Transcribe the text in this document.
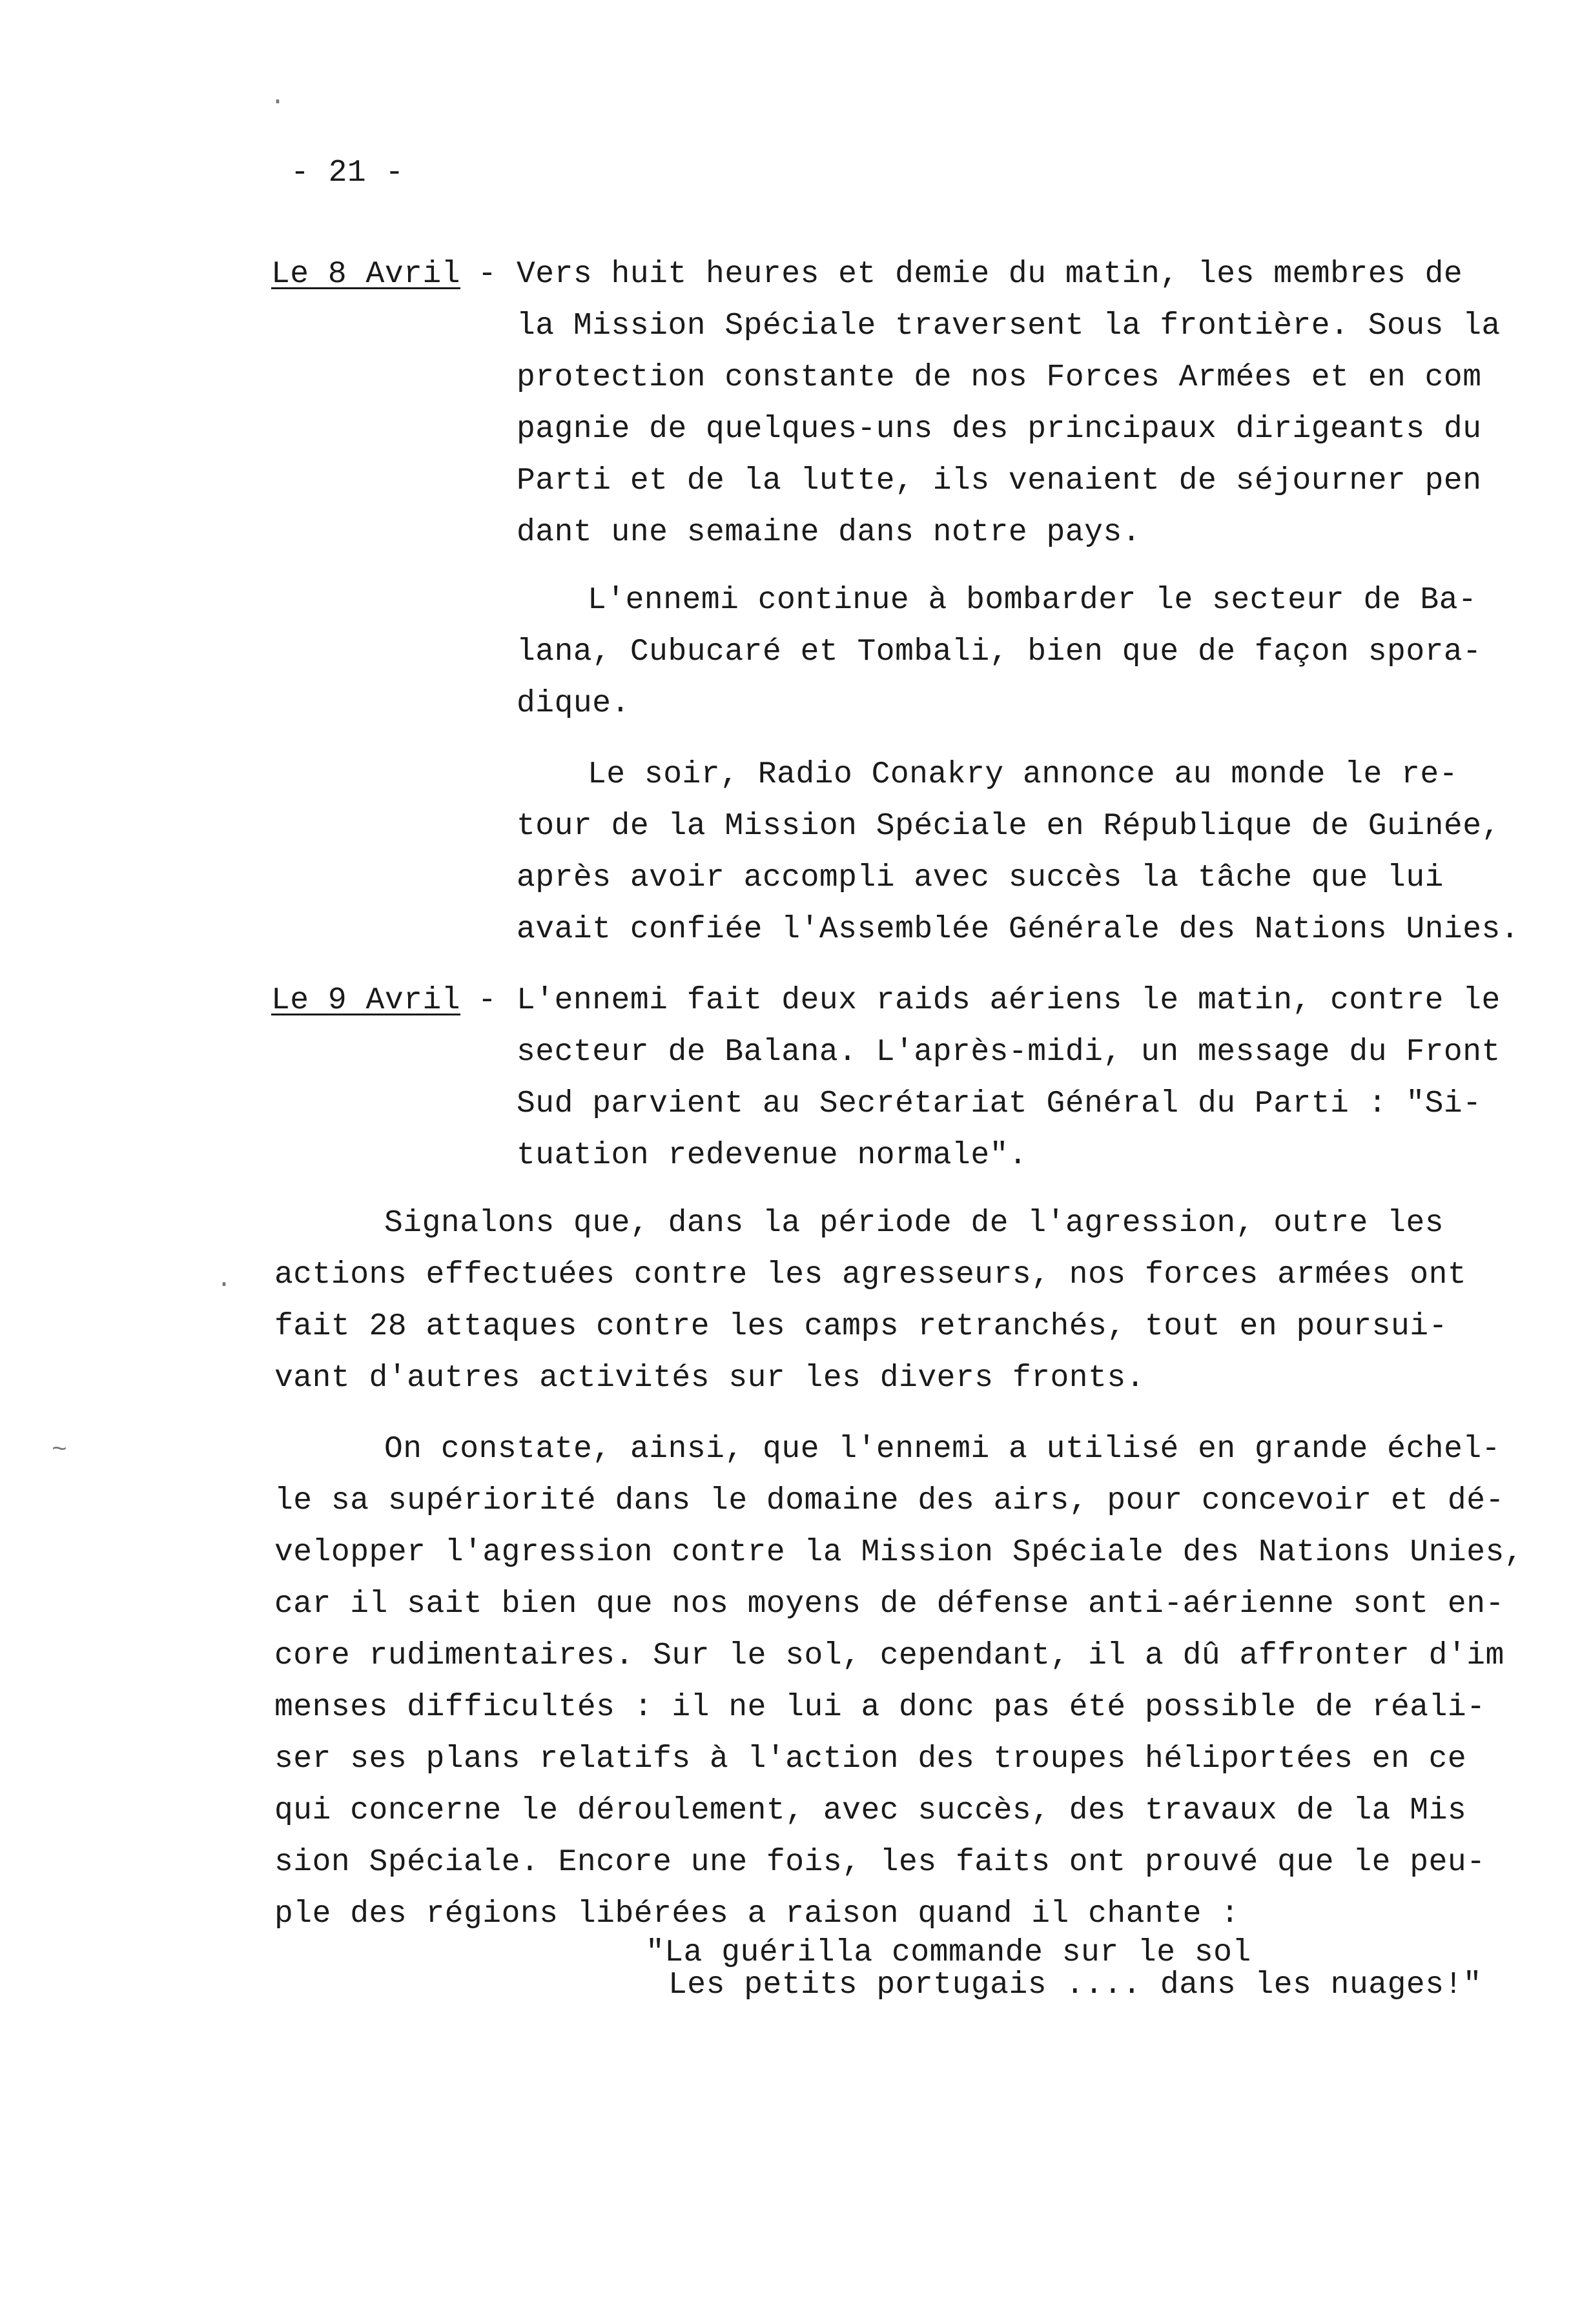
.
.
~
- 21 -
Le 8 Avril - Vers huit heures et demie du matin, les membres de
la Mission Spéciale traversent la frontière. Sous la
protection constante de nos Forces Armées et en com
pagnie de quelques-uns des principaux dirigeants du
Parti et de la lutte, ils venaient de séjourner pen
dant une semaine dans notre pays.
L'ennemi continue à bombarder le secteur de Ba-
lana, Cubucaré et Tombali, bien que de façon spora-
dique.
Le soir, Radio Conakry annonce au monde le re-
tour de la Mission Spéciale en République de Guinée,
après avoir accompli avec succès la tâche que lui
avait confiée l'Assemblée Générale des Nations Unies.
Le 9 Avril - L'ennemi fait deux raids aériens le matin, contre le
secteur de Balana. L'après-midi, un message du Front
Sud parvient au Secrétariat Général du Parti : "Si-
tuation redevenue normale".
Signalons que, dans la période de l'agression, outre les
actions effectuées contre les agresseurs, nos forces armées ont
fait 28 attaques contre les camps retranchés, tout en poursui-
vant d'autres activités sur les divers fronts.
On constate, ainsi, que l'ennemi a utilisé en grande échel-
le sa supériorité dans le domaine des airs, pour concevoir et dé-
velopper l'agression contre la Mission Spéciale des Nations Unies,
car il sait bien que nos moyens de défense anti-aérienne sont en-
core rudimentaires. Sur le sol, cependant, il a dû affronter d'im
menses difficultés : il ne lui a donc pas été possible de réali-
ser ses plans relatifs à l'action des troupes héliportées en ce
qui concerne le déroulement, avec succès, des travaux de la Mis
sion Spéciale. Encore une fois, les faits ont prouvé que le peu-
ple des régions libérées a raison quand il chante :
"La guérilla commande sur le sol
Les petits portugais .... dans les nuages!"
